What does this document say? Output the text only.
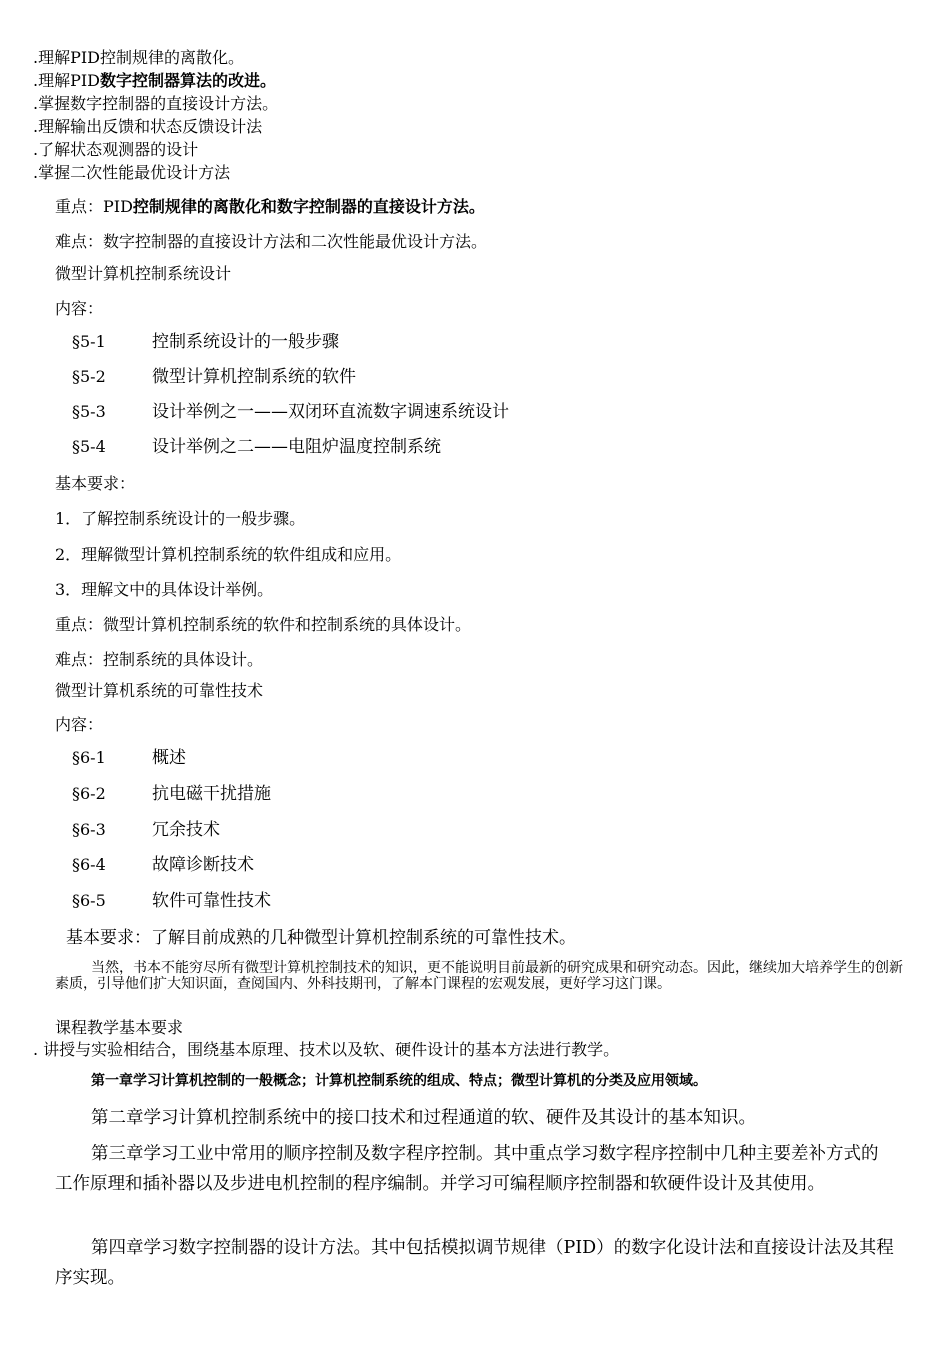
.理解PID控制规律的离散化。
.理解PID数字控制器算法的改进。
.掌握数字控制器的直接设计方法。
.理解输出反馈和状态反馈设计法
.了解状态观测器的设计
.掌握二次性能最优设计方法
重点：PID控制规律的离散化和数字控制器的直接设计方法。
难点：数字控制器的直接设计方法和二次性能最优设计方法。
微型计算机控制系统设计
内容：
§5-1	控制系统设计的一般步骤
§5-2	微型计算机控制系统的软件
§5-3	设计举例之一——双闭环直流数字调速系统设计
§5-4	设计举例之二——电阻炉温度控制系统
基本要求：
1．了解控制系统设计的一般步骤。
2．理解微型计算机控制系统的软件组成和应用。
3．理解文中的具体设计举例。
重点：微型计算机控制系统的软件和控制系统的具体设计。
难点：控制系统的具体设计。
微型计算机系统的可靠性技术
内容：
§6-1	概述
§6-2	抗电磁干扰措施
§6-3	冗余技术
§6-4	故障诊断技术
§6-5	软件可靠性技术
基本要求：了解目前成熟的几种微型计算机控制系统的可靠性技术。
当然，书本不能穷尽所有微型计算机控制技术的知识，更不能说明目前最新的研究成果和研究动态。因此，继续加大培养学生的创新素质，引导他们扩大知识面，查阅国内、外科技期刊，了解本门课程的宏观发展，更好学习这门课。
课程教学基本要求
. 讲授与实验相结合，围绕基本原理、技术以及软、硬件设计的基本方法进行教学。
第一章学习计算机控制的一般概念；计算机控制系统的组成、特点；微型计算机的分类及应用领域。
第二章学习计算机控制系统中的接口技术和过程通道的软、硬件及其设计的基本知识。
第三章学习工业中常用的顺序控制及数字程序控制。其中重点学习数字程序控制中几种主要差补方式的工作原理和插补器以及步进电机控制的程序编制。并学习可编程顺序控制器和软硬件设计及其使用。
第四章学习数字控制器的设计方法。其中包括模拟调节规律（PID）的数字化设计法和直接设计法及其程序实现。
